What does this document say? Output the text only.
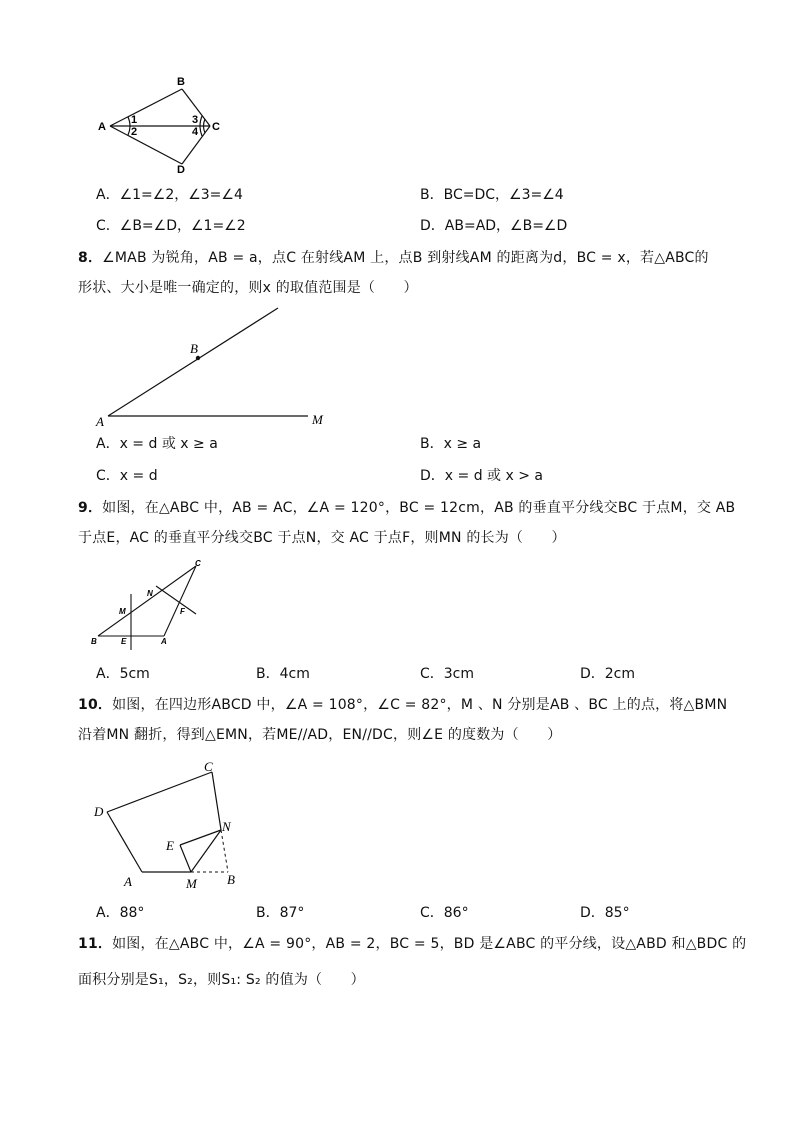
A
B
C
D
1
2
3
4
A．∠1=∠2，∠3=∠4	B．BC=DC，∠3=∠4
C．∠B=∠D，∠1=∠2	D．AB=AD，∠B=∠D
8．∠MAB 为锐角，AB = a，点C 在射线AM 上，点B 到射线AM 的距离为d，BC = x，若△ABC的
形状、大小是唯一确定的，则x 的取值范围是（　　）
A
B
M
A．x = d 或 x ≥ a	B．x ≥ a
C．x = d	D．x = d 或 x > a
9．如图，在△ABC 中，AB = AC，∠A = 120°，BC = 12cm，AB 的垂直平分线交BC 于点M，交 AB
于点E，AC 的垂直平分线交BC 于点N，交 AC 于点F，则MN 的长为（　　）
B	E	A
C
M
N
F
A．5cm	B．4cm	C．3cm	D．2cm
10．如图，在四边形ABCD 中，∠A = 108°，∠C = 82°，M 、N 分别是AB 、BC 上的点，将△BMN
沿着MN 翻折，得到△EMN，若ME//AD，EN//DC，则∠E 的度数为（　　）
D
C
N
E
A	M B
A．88°	B．87°	C．86°	D．85°
11．如图，在△ABC 中，∠A = 90°，AB = 2，BC = 5，BD 是∠ABC 的平分线，设△ABD 和△BDC 的
面积分别是S₁，S₂，则S₁: S₂ 的值为（　　）
